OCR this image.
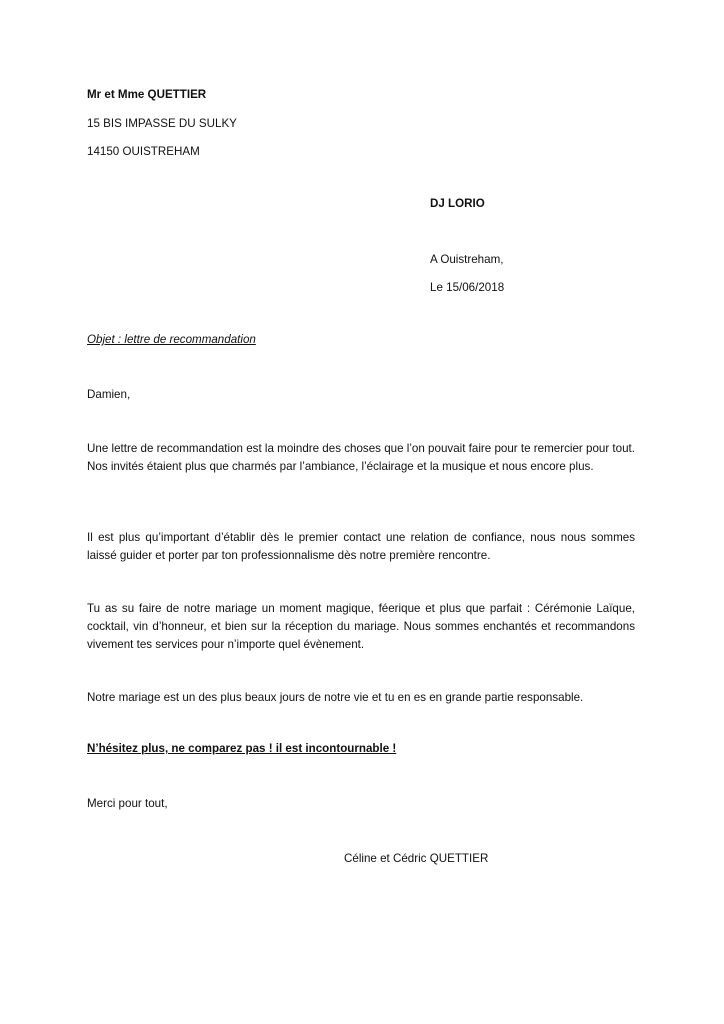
Mr et Mme QUETTIER

15 BIS IMPASSE DU SULKY

14150 OUISTREHAM

DJ LORIO

A Ouistreham,

Le 15/06/2018

Objet : lettre de recommandation

Damien,

Une lettre de recommandation est la moindre des choses que l’on pouvait faire pour te remercier pour tout. Nos invités étaient plus que charmés par l’ambiance, l’éclairage et la musique et nous encore plus.

Il est plus qu’important d’établir dès le premier contact une relation de confiance, nous nous sommes laissé guider et porter par ton professionnalisme dès notre première rencontre.

Tu as su faire de notre mariage un moment magique, féerique et plus que parfait : Cérémonie Laïque, cocktail, vin d’honneur, et bien sur la réception du mariage. Nous sommes enchantés et recommandons vivement tes services pour n’importe quel évènement.

Notre mariage est un des plus beaux jours de notre vie et tu en es en grande partie responsable.

N’hésitez plus, ne comparez pas ! il est incontournable !

Merci pour tout,

Céline et Cédric QUETTIER
